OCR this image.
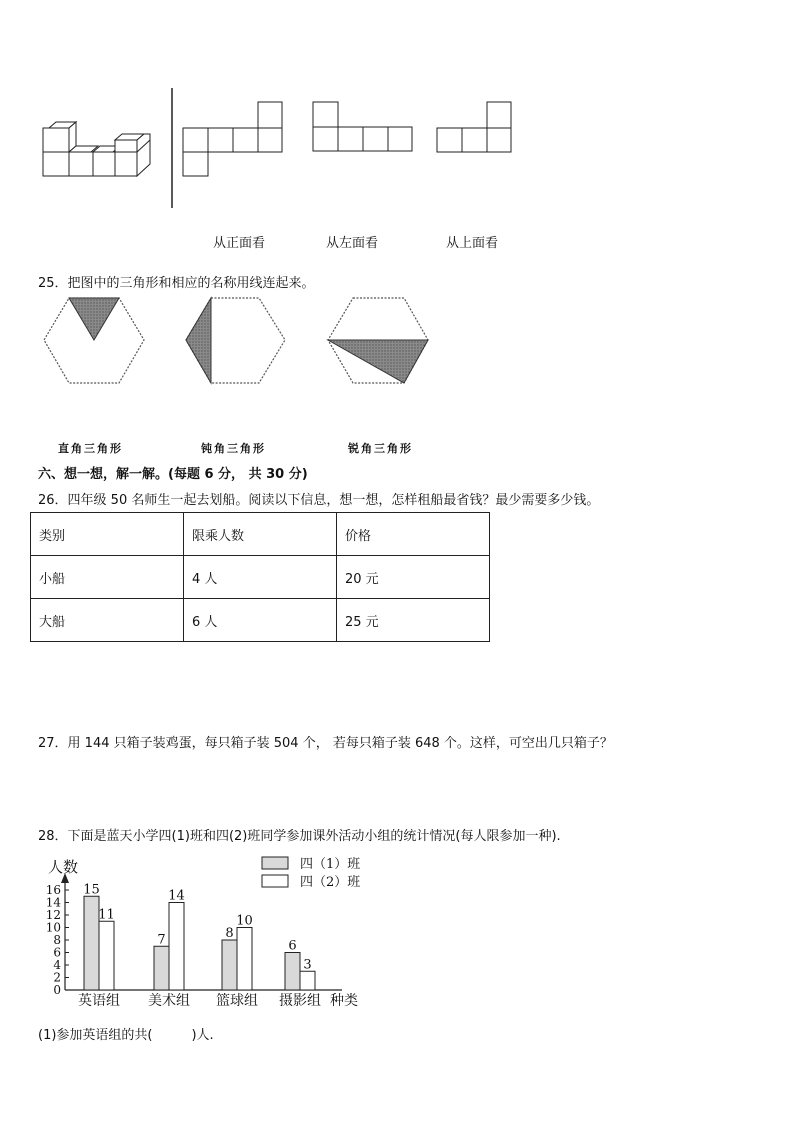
从正面看	从左面看	从上面看
25．把图中的三角形和相应的名称用线连起来。
直角三角形	钝角三角形	锐角三角形
六、想一想，解一解。(每题 6 分， 共 30 分)
26．四年级 50 名师生一起去划船。阅读以下信息，想一想，怎样租船最省钱？最少需要多少钱。
类别	限乘人数	价格
小船	4 人	20 元
大船	6 人	25 元
27．用 144 只箱子装鸡蛋，每只箱子装 504 个， 若每只箱子装 648 个。这样，可空出几只箱子？
28．下面是蓝天小学四(1)班和四(2)班同学参加课外活动小组的统计情况(每人限参加一种).
0
2
4
6
8
10
12
14
16
人数
种类
15
11
英语组
7
14
美术组
8
10
篮球组
6
3
摄影组
四（1）班
四（2）班
(1)参加英语组的共(　　　)人.
